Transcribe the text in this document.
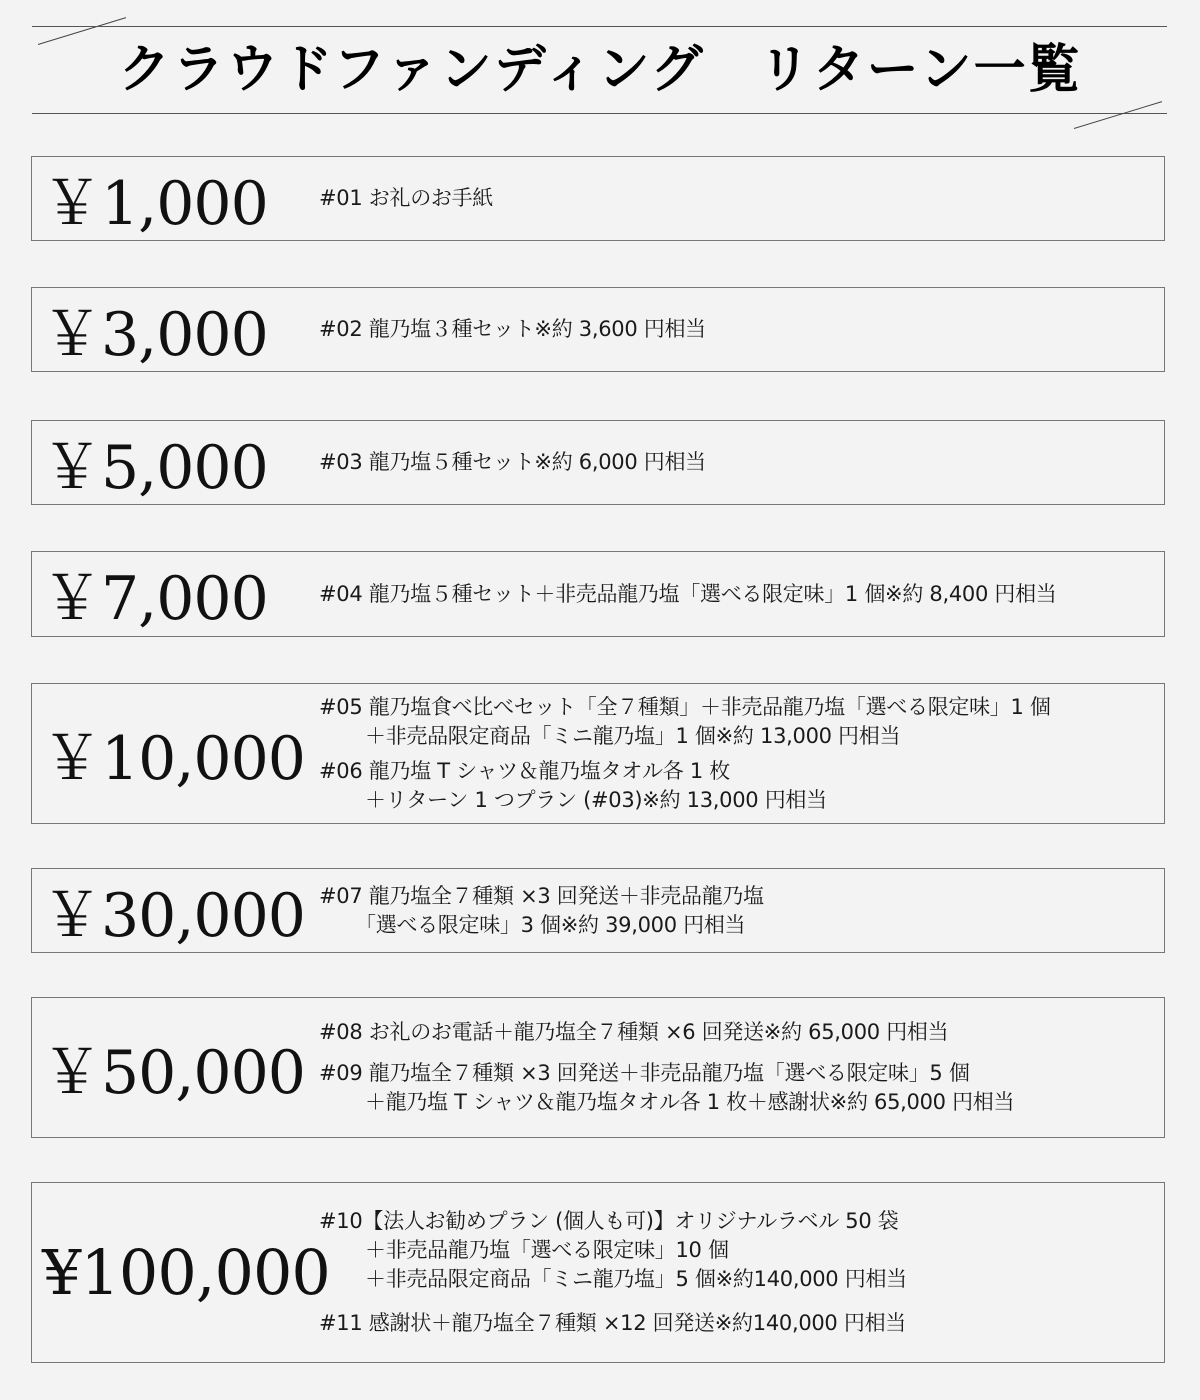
クラウドファンディング　リターン一覧
￥1,000 #01 お礼のお手紙
￥3,000 #02 龍乃塩３種セット※約 3,600 円相当
￥5,000 #03 龍乃塩５種セット※約 6,000 円相当
￥7,000 #04 龍乃塩５種セット＋非売品龍乃塩「選べる限定味」1 個※約 8,400 円相当
￥10,000
#05 龍乃塩食べ比べセット「全７種類」＋非売品龍乃塩「選べる限定味」1 個
＋非売品限定商品「ミニ龍乃塩」1 個※約 13,000 円相当
#06 龍乃塩 T シャツ＆龍乃塩タオル各 1 枚
＋リターン 1 つプラン (#03)※約 13,000 円相当
￥30,000 #07 龍乃塩全７種類 ×3 回発送＋非売品龍乃塩
「選べる限定味」3 個※約 39,000 円相当
￥50,000
#08 お礼のお電話＋龍乃塩全７種類 ×6 回発送※約 65,000 円相当
#09 龍乃塩全７種類 ×3 回発送＋非売品龍乃塩「選べる限定味」5 個
＋龍乃塩 T シャツ＆龍乃塩タオル各 1 枚＋感謝状※約 65,000 円相当
¥100,000
#10【法人お勧めプラン (個人も可)】オリジナルラベル 50 袋
＋非売品龍乃塩「選べる限定味」10 個
＋非売品限定商品「ミニ龍乃塩」5 個※約140,000 円相当
#11 感謝状＋龍乃塩全７種類 ×12 回発送※約140,000 円相当
